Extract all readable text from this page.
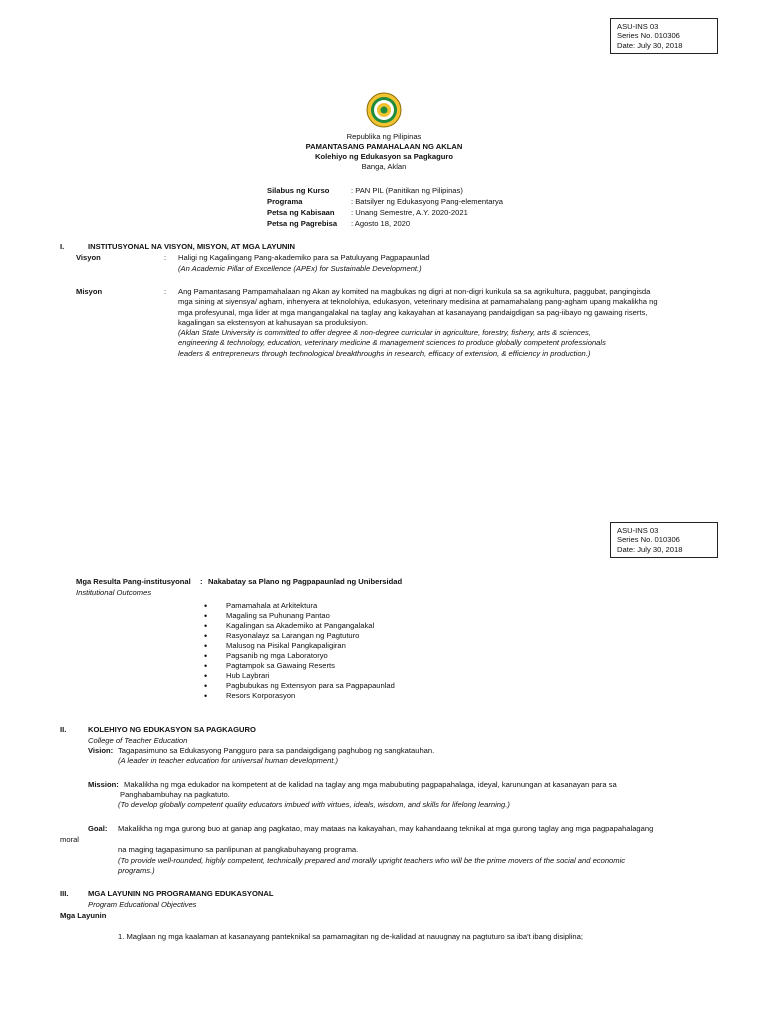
ASU-INS 03
Series No. 010306
Date: July 30, 2018
Republika ng Pilipinas
PAMANTASANG PAMAHALAAN NG AKLAN
Kolehiyo ng Edukasyon sa Pagkaguro
Banga, Aklan
Silabus ng Kurso	: PAN PIL (Panitikan ng Pilipinas)
Programa	: Batsilyer ng Edukasyong Pang-elementarya
Petsa ng Kabisaan : Unang Semestre, A.Y. 2020-2021
Petsa ng Pagrebisa : Agosto 18, 2020
I.	INSTITUSYONAL NA VISYON, MISYON, AT MGA LAYUNIN
Visyon	: Haligi ng Kagalingang Pang-akademiko para sa Patuluyang Pagpapaunlad
(An Academic Pillar of Excellence (APEx) for Sustainable Development.)
Misyon	: Ang Pamantasang Pampamahalaan ng Akan ay komited na magbukas ng digri at non-digri kurikula sa sa agrikultura, paggubat, pangingisda
mga sining at siyensya/ agham, inhenyera at teknolohiya, edukasyon, veterinary medisina at pamamahalang pang-agham upang makalikha ng
mga profesyunal, mga lider at mga mangangalakal na taglay ang kakayahan at kasanayang pandaigdigan sa pag-iibayo ng gawaing riserts,
kagalingan sa ekstensyon at kahusayan sa produksiyon.
(Aklan State University is committed to offer degree & non-degree curricular in agriculture, forestry, fishery, arts & sciences,
engineering & technology, education, veterinary medicine & management sciences to produce globally competent professionals
leaders & entrepreneurs through technological breakthroughs in research, efficacy of extension, & efficiency in production.)
ASU-INS 03
Series No. 010306
Date: July 30, 2018
Mga Resulta Pang-institusyonal : Nakabatay sa Plano ng Pagpapaunlad ng Unibersidad
Institutional Outcomes
• Pamamahala at Arkitektura
• Magaling sa Puhunang Pantao
• Kagalingan sa Akademiko at Pangangalakal
• Rasyonalayz sa Larangan ng Pagtuturo
• Malusog na Pisikal Pangkapaligiran
• Pagsanib ng mga Laboratoryo
• Pagtampok sa Gawaing Reserts
• Hub Laybrari
• Pagbubukas ng Extensyon para sa Pagpapaunlad
• Resors Korporasyon
II.	KOLEHIYO NG EDUKASYON SA PAGKAGURO
College of Teacher Education
Vision: Tagapasimuno sa Edukasyong Pangguro para sa pandaigdigang paghubog ng sangkatauhan.
(A leader in teacher education for universal human development.)
Mission: Makalikha ng mga edukador na kompetent at de kalidad na taglay ang mga mabubuting pagpapahalaga, ideyal, karunungan at kasanayan para sa
Panghabambuhay na pagkatuto.
(To develop globally competent quality educators imbued with virtues, ideals, wisdom, and skills for lifelong learning.)
Goal: Makalikha ng mga gurong buo at ganap ang pagkatao, may mataas na kakayahan, may kahandaang teknikal at mga gurong taglay ang mga pagpapahalagang
moral
na maging tagapasimuno sa panlipunan at pangkabuhayang programa.
(To provide well-rounded, highly competent, technically prepared and morally upright teachers who will be the prime movers of the social and economic
programs.)
III.	MGA LAYUNIN NG PROGRAMANG EDUKASYONAL
Program Educational Objectives
Mga Layunin
1. Maglaan ng mga kaalaman at kasanayang panteknikal sa pamamagitan ng de-kalidad at nauugnay na pagtuturo sa iba't ibang disiplina;
